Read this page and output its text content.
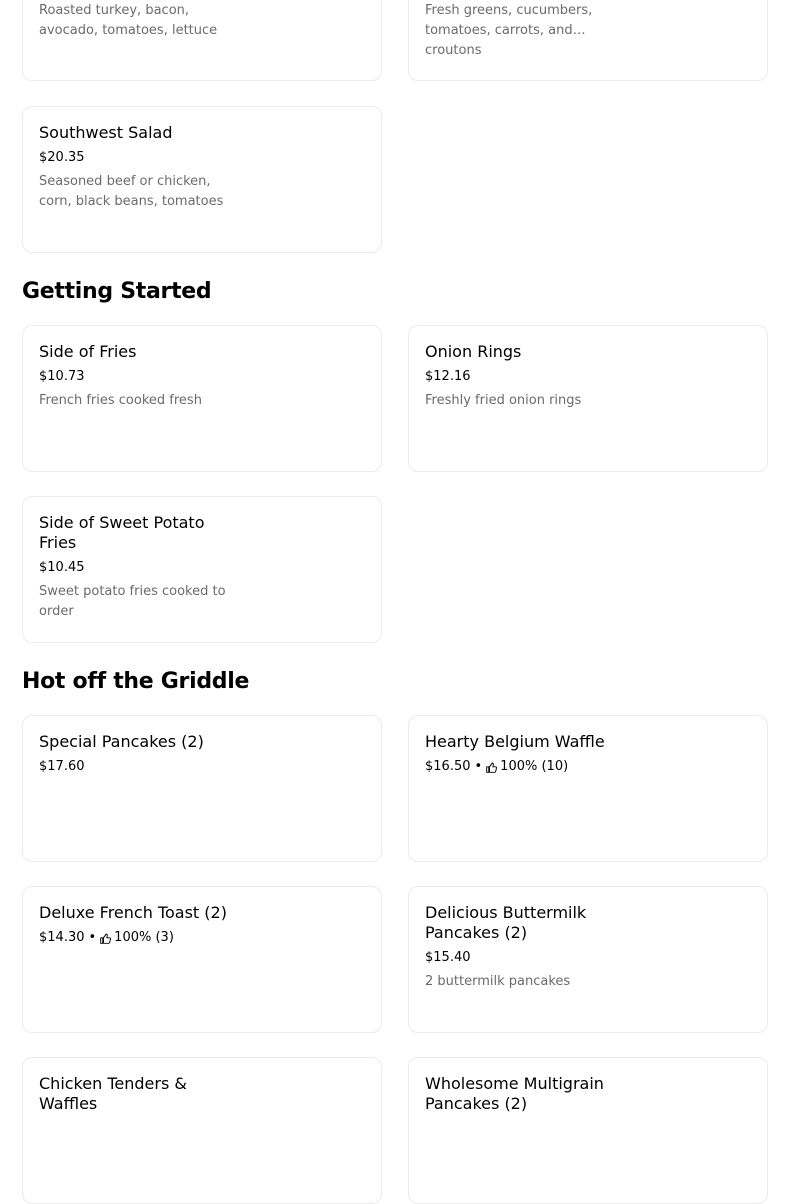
Roasted turkey, bacon, avocado, tomatoes, lettuce
Fresh greens, cucumbers, tomatoes, carrots, and croutons
Southwest Salad
$20.35
Seasoned beef or chicken, corn, black beans, tomatoes
Getting Started
Side of Fries
$10.73
French fries cooked fresh
Onion Rings
$12.16
Freshly fried onion rings
Side of Sweet Potato Fries
$10.45
Sweet potato fries cooked to order
Hot off the Griddle
Special Pancakes (2)
$17.60
Hearty Belgium Waffle
$16.50 • 100% (10)
Deluxe French Toast (2)
$14.30 • 100% (3)
Delicious Buttermilk Pancakes (2)
$15.40
2 buttermilk pancakes
Chicken Tenders & Waffles
Wholesome Multigrain Pancakes (2)
